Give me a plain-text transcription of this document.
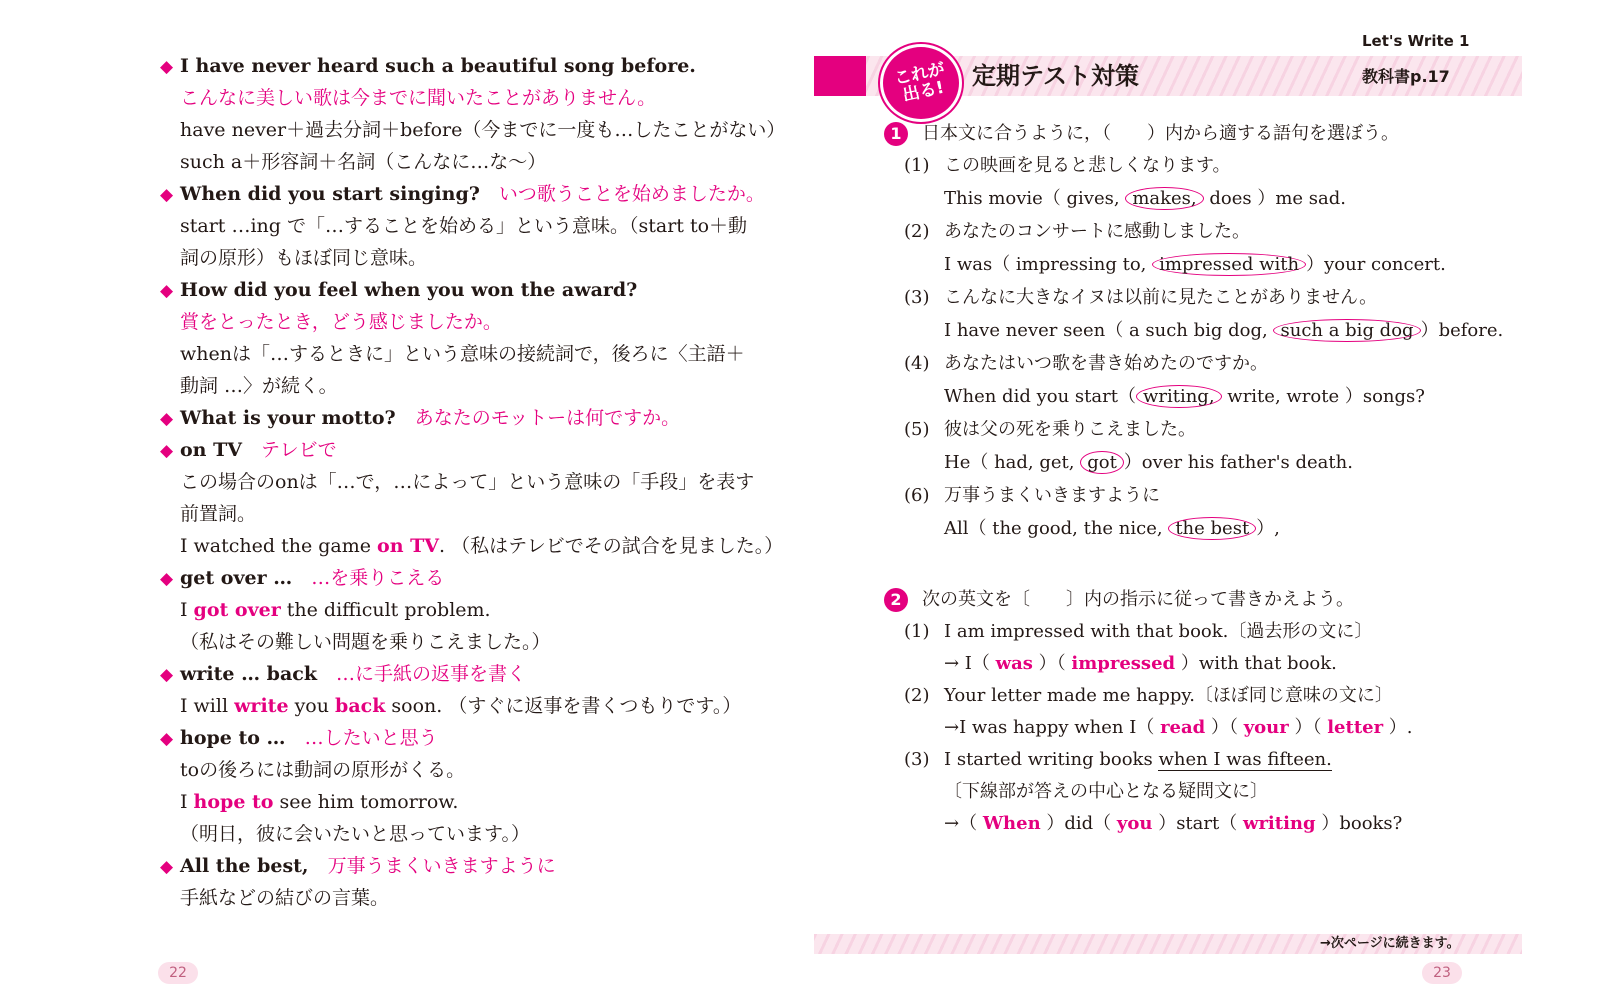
◆ I have never heard such a beautiful song before.
こんなに美しい歌は今までに聞いたことがありません。
have never＋過去分詞＋before（今までに一度も…したことがない）
such a＋形容詞＋名詞（こんなに…な～）
◆ When did you start singing?　 いつ歌うことを始めましたか。
start …ing で「…することを始める」という意味。（start to＋動
詞の原形）もほぼ同じ意味。
◆ How did you feel when you won the award?
賞をとったとき，どう感じましたか。
whenは「…するときに」という意味の接続詞で，後ろに〈主語＋
動詞 …〉が続く。
◆ What is your motto?　 あなたのモットーは何ですか。
◆ on TV　 テレビで
この場合のonは「…で，…によって」という意味の「手段」を表す
前置詞。
I watched the game on TV. （私はテレビでその試合を見ました。）
◆ get over …　 …を乗りこえる
I got over the difficult problem.
（私はその難しい問題を乗りこえました。）
◆ write … back　 …に手紙の返事を書く
I will write you back soon. （すぐに返事を書くつもりです。）
◆ hope to …　 …したいと思う
toの後ろには動詞の原形がくる。
I hope to see him tomorrow.
（明日，彼に会いたいと思っています。）
◆ All the best,　 万事うまくいきますように
手紙などの結びの言葉。
これが
出る!
定期テスト対策
Let's Write 1
教科書p.17
1	日本文に合うように，（　　）内から適する語句を選ぼう。
(1) この映画を見ると悲しくなります。
This movie（ gives, makes, does ）me sad.
(2) あなたのコンサートに感動しました。
I was（ impressing to, impressed with ）your concert.
(3) こんなに大きなイヌは以前に見たことがありません。
I have never seen（ a such big dog, such a big dog ）before.
(4) あなたはいつ歌を書き始めたのですか。
When did you start（ writing, write, wrote ）songs?
(5) 彼は父の死を乗りこえました。
He（ had, get, got ）over his father's death.
(6) 万事うまくいきますように
All（ the good, the nice, the best ）,
2	次の英文を〔　　〕内の指示に従って書きかえよう。
(1) I am impressed with that book.〔過去形の文に〕
→ I（ was ）（ impressed ）with that book.
(2) Your letter made me happy.〔ほぼ同じ意味の文に〕
→I was happy when I（ read ）（ your ）（ letter ）.
(3) I started writing books when I was fifteen.
〔下線部が答えの中心となる疑問文に〕
→（ When ）did（ you ）start（ writing ）books?
→次ページに続きます。
22	23
